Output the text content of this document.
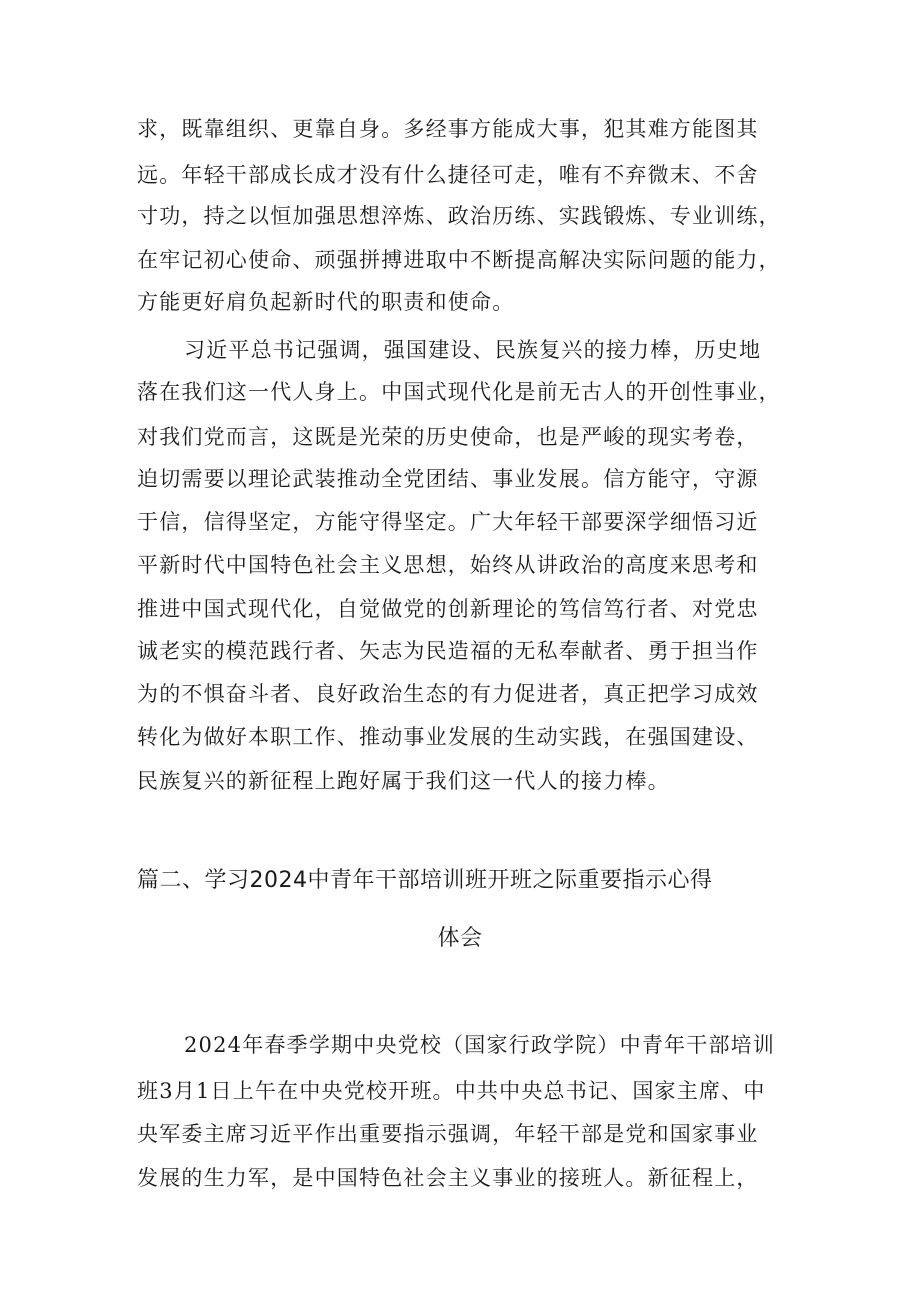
求，既靠组织、更靠自身。多经事方能成大事，犯其难方能图其
远。年轻干部成长成才没有什么捷径可走，唯有不弃微末、不舍
寸功，持之以恒加强思想淬炼、政治历练、实践锻炼、专业训练，
在牢记初心使命、顽强拼搏进取中不断提高解决实际问题的能力，
方能更好肩负起新时代的职责和使命。
习近平总书记强调，强国建设、民族复兴的接力棒，历史地
落在我们这一代人身上。中国式现代化是前无古人的开创性事业，
对我们党而言，这既是光荣的历史使命，也是严峻的现实考卷，
迫切需要以理论武装推动全党团结、事业发展。信方能守，守源
于信，信得坚定，方能守得坚定。广大年轻干部要深学细悟习近
平新时代中国特色社会主义思想，始终从讲政治的高度来思考和
推进中国式现代化，自觉做党的创新理论的笃信笃行者、对党忠
诚老实的模范践行者、矢志为民造福的无私奉献者、勇于担当作
为的不惧奋斗者、良好政治生态的有力促进者，真正把学习成效
转化为做好本职工作、推动事业发展的生动实践，在强国建设、
民族复兴的新征程上跑好属于我们这一代人的接力棒。
篇二、学习2024中青年干部培训班开班之际重要指示心得
体会
2024年春季学期中央党校（国家行政学院）中青年干部培训
班3月1日上午在中央党校开班。中共中央总书记、国家主席、中
央军委主席习近平作出重要指示强调，年轻干部是党和国家事业
发展的生力军，是中国特色社会主义事业的接班人。新征程上，
